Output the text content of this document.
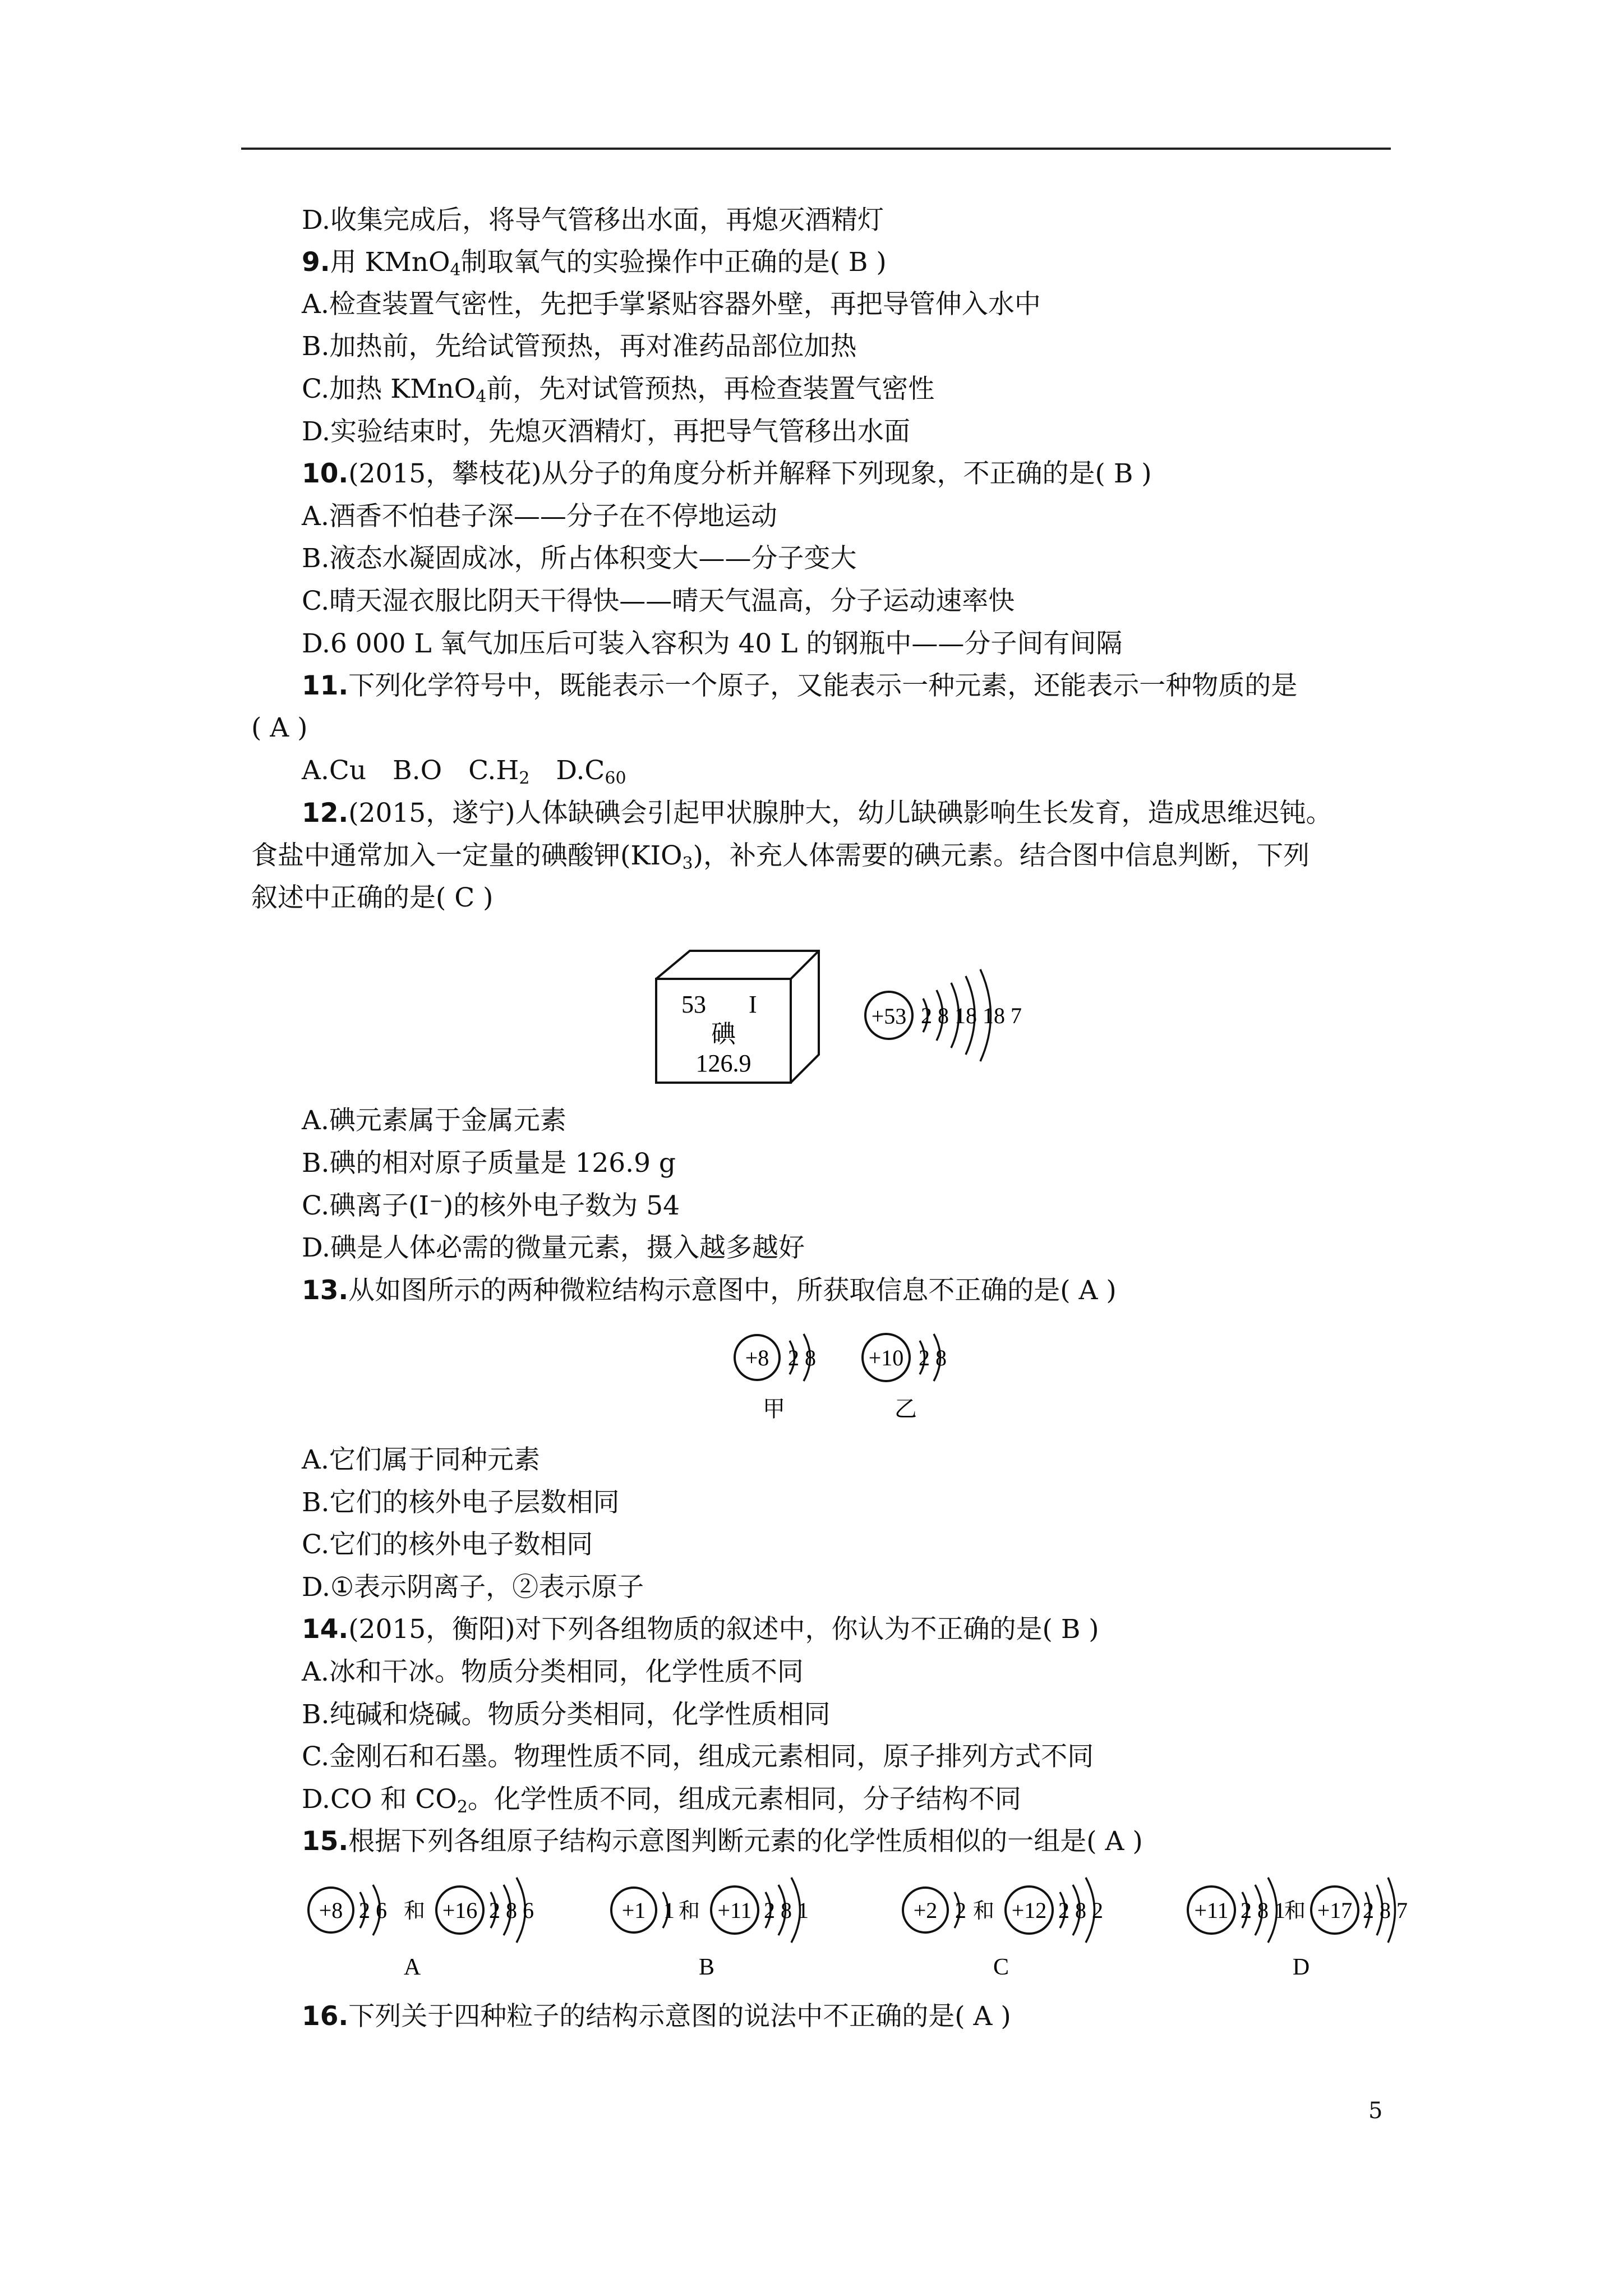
D.收集完成后，将导气管移出水面，再熄灭酒精灯
9.用 KMnO$_4$制取氧气的实验操作中正确的是( B )
A.检查装置气密性，先把手掌紧贴容器外壁，再把导管伸入水中
B.加热前，先给试管预热，再对准药品部位加热
C.加热 KMnO$_4$前，先对试管预热，再检查装置气密性
D.实验结束时，先熄灭酒精灯，再把导气管移出水面
10.(2015，攀枝花)从分子的角度分析并解释下列现象，不正确的是( B )
A.酒香不怕巷子深——分子在不停地运动
B.液态水凝固成冰，所占体积变大——分子变大
C.晴天湿衣服比阴天干得快——晴天气温高，分子运动速率快
D.6 000 L 氧气加压后可装入容积为 40 L 的钢瓶中——分子间有间隔
11.下列化学符号中，既能表示一个原子，又能表示一种元素，还能表示一种物质的是
( A )
A.Cu　B.O　$C.H_2$　$D.C_{60}$
12.(2015，遂宁)人体缺碘会引起甲状腺肿大，幼儿缺碘影响生长发育，造成思维迟钝。
食盐中通常加入一定量的碘酸钾$(KIO_3)$，补充人体需要的碘元素。结合图中信息判断，下列
叙述中正确的是( C )
53 I
碘
126.9
+53 2 8 18 18 7
A.碘元素属于金属元素
B.碘的相对原子质量是 126.9 g
C.碘离子(I⁻)的核外电子数为 54
D.碘是人体必需的微量元素，摄入越多越好
13.从如图所示的两种微粒结构示意图中，所获取信息不正确的是( A )
+8 2 8
甲
+10 2 8
乙
A.它们属于同种元素
B.它们的核外电子层数相同
C.它们的核外电子数相同
D.①表示阴离子，②表示原子
14.(2015，衡阳)对下列各组物质的叙述中，你认为不正确的是( B )
A.冰和干冰。物质分类相同，化学性质不同
B.纯碱和烧碱。物质分类相同，化学性质相同
C.金刚石和石墨。物理性质不同，组成元素相同，原子排列方式不同
D.CO 和 $CO_2$。化学性质不同，组成元素相同，分子结构不同
15.根据下列各组原子结构示意图判断元素的化学性质相似的一组是( A )
+8 2 6 和 +16 2 8 6
A
+1 1 和 +11 2 8 1
B
+2 2 和 +12 2 8 2
C
+11 2 8 1
和 +17 2 8 7
D
16.下列关于四种粒子的结构示意图的说法中不正确的是( A )
5
